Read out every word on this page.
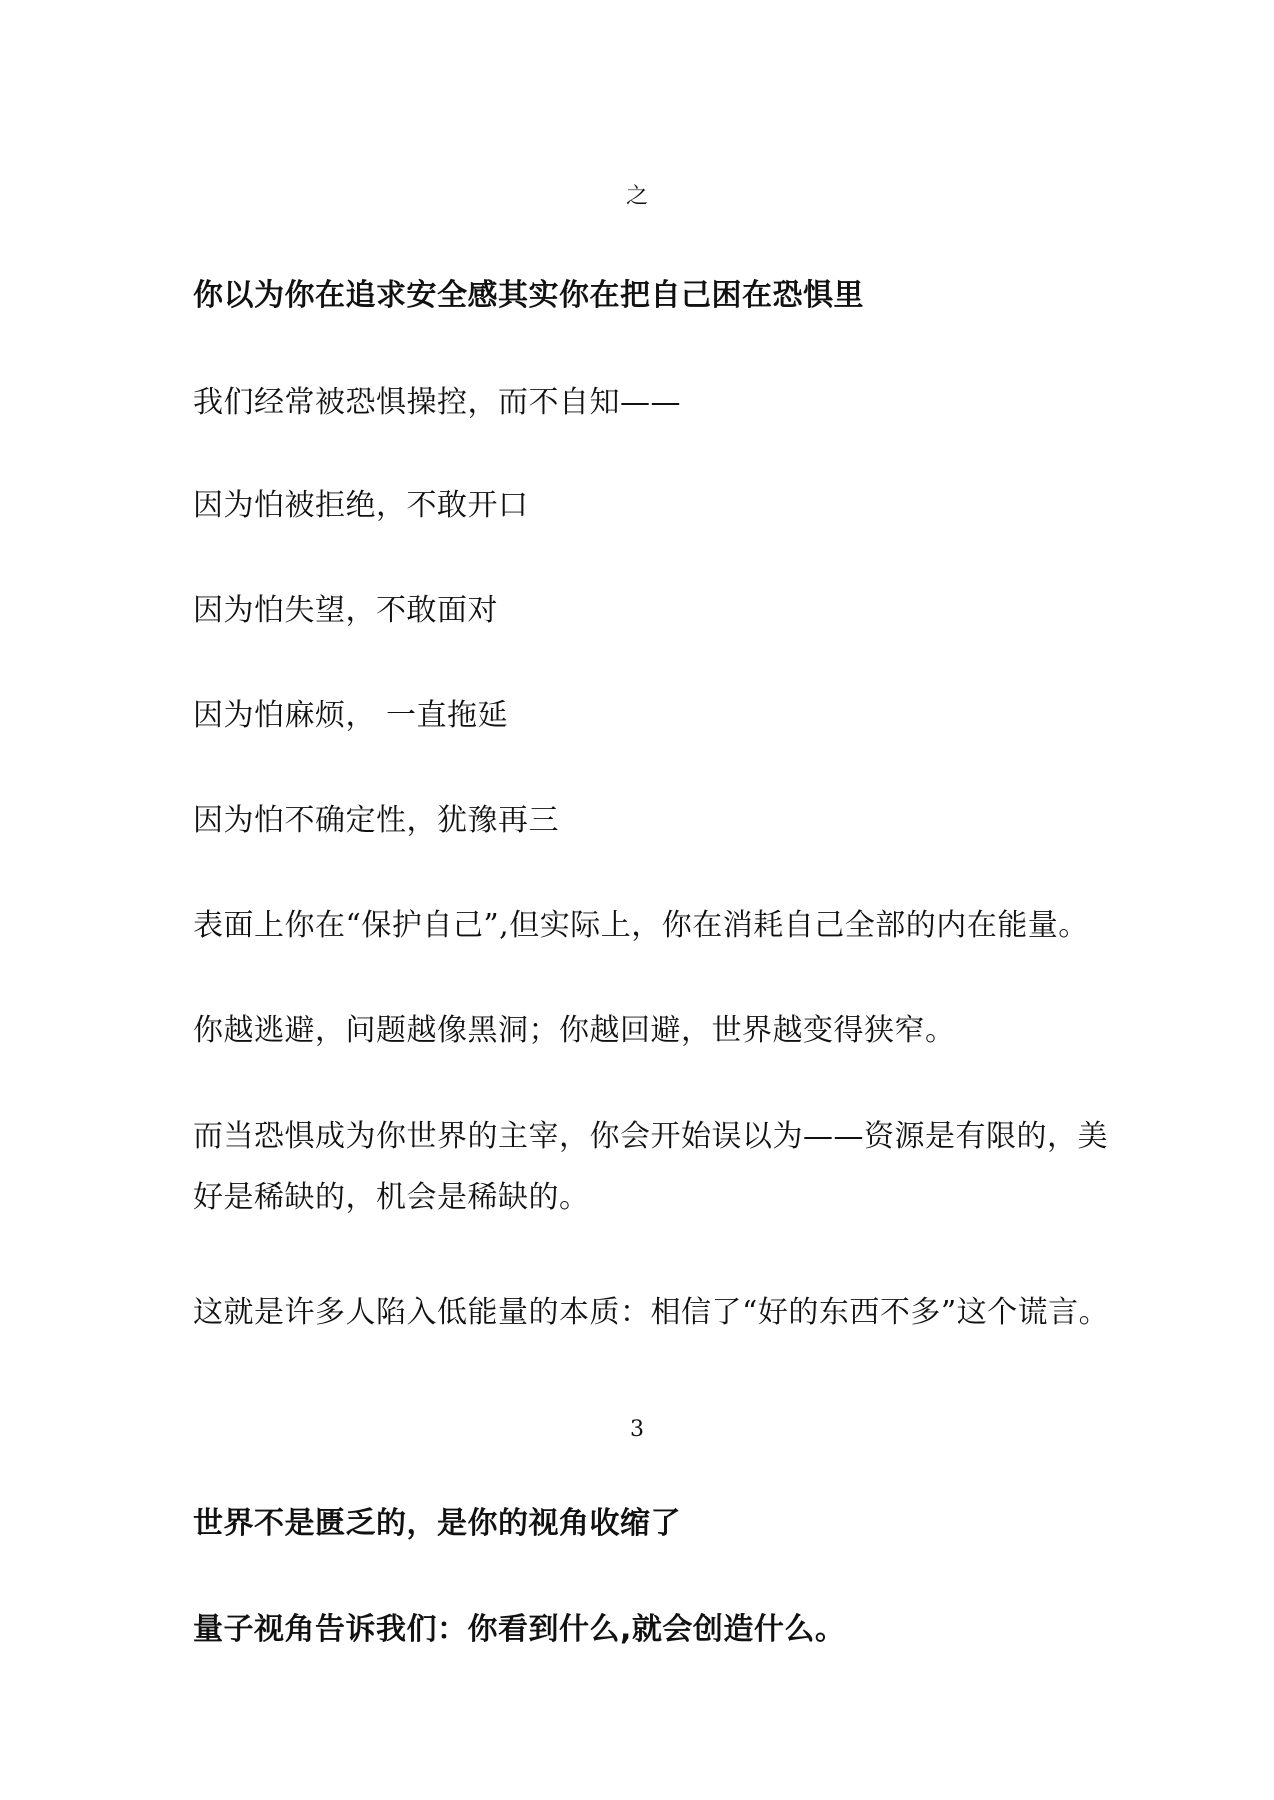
之
你以为你在追求安全感其实你在把自己困在恐惧里
我们经常被恐惧操控，而不自知——
因为怕被拒绝，不敢开口
因为怕失望，不敢面对
因为怕麻烦， 一直拖延
因为怕不确定性，犹豫再三
表面上你在“保护自己”,但实际上，你在消耗自己全部的内在能量。
你越逃避，问题越像黑洞；你越回避，世界越变得狭窄。
而当恐惧成为你世界的主宰，你会开始误以为——资源是有限的，美
好是稀缺的，机会是稀缺的。
这就是许多人陷入低能量的本质：相信了“好的东西不多”这个谎言。
3
世界不是匮乏的，是你的视角收缩了
量子视角告诉我们：你看到什么,就会创造什么。
